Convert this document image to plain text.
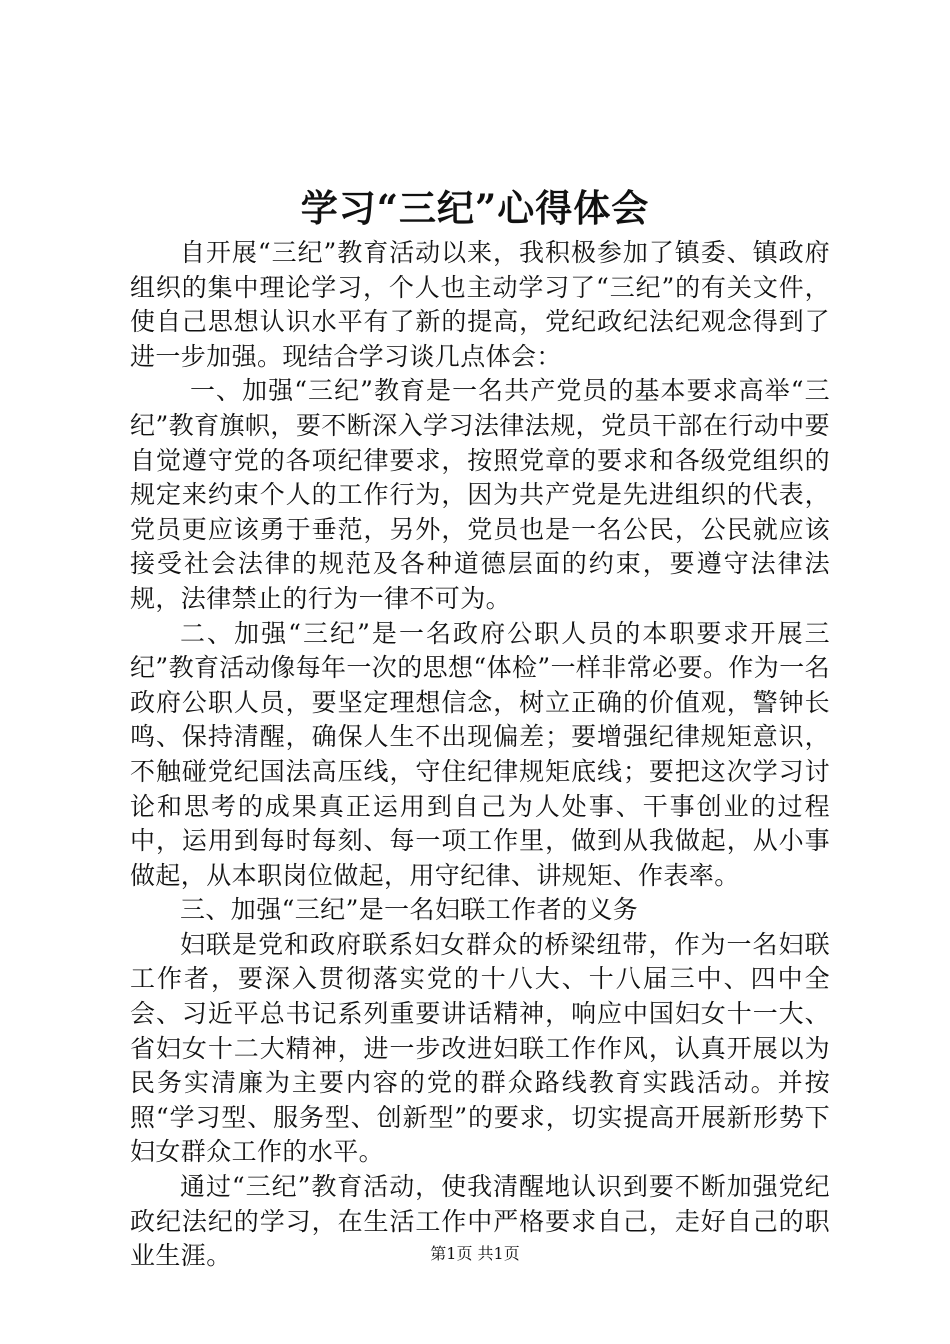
学习“三纪”心得体会

自开展“三纪”教育活动以来，我积极参加了镇委、镇政府组织的集中理论学习，个人也主动学习了“三纪”的有关文件，使自己思想认识水平有了新的提高，党纪政纪法纪观念得到了进一步加强。现结合学习谈几点体会：

一、加强“三纪”教育是一名共产党员的基本要求高举“三纪”教育旗帜，要不断深入学习法律法规，党员干部在行动中要自觉遵守党的各项纪律要求，按照党章的要求和各级党组织的规定来约束个人的工作行为，因为共产党是先进组织的代表，党员更应该勇于垂范，另外，党员也是一名公民，公民就应该接受社会法律的规范及各种道德层面的约束，要遵守法律法规，法律禁止的行为一律不可为。

二、加强“三纪”是一名政府公职人员的本职要求开展三纪”教育活动像每年一次的思想“体检”一样非常必要。作为一名政府公职人员，要坚定理想信念，树立正确的价值观，警钟长鸣、保持清醒，确保人生不出现偏差；要增强纪律规矩意识，不触碰党纪国法高压线，守住纪律规矩底线；要把这次学习讨论和思考的成果真正运用到自己为人处事、干事创业的过程中，运用到每时每刻、每一项工作里，做到从我做起，从小事做起，从本职岗位做起，用守纪律、讲规矩、作表率。

三、加强“三纪”是一名妇联工作者的义务

妇联是党和政府联系妇女群众的桥梁纽带，作为一名妇联工作者，要深入贯彻落实党的十八大、十八届三中、四中全会、习近平总书记系列重要讲话精神，响应中国妇女十一大、省妇女十二大精神，进一步改进妇联工作作风，认真开展以为民务实清廉为主要内容的党的群众路线教育实践活动。并按照“学习型、服务型、创新型”的要求，切实提高开展新形势下妇女群众工作的水平。

通过“三纪”教育活动，使我清醒地认识到要不断加强党纪政纪法纪的学习，在生活工作中严格要求自己，走好自己的职业生涯。	第1页 共1页
